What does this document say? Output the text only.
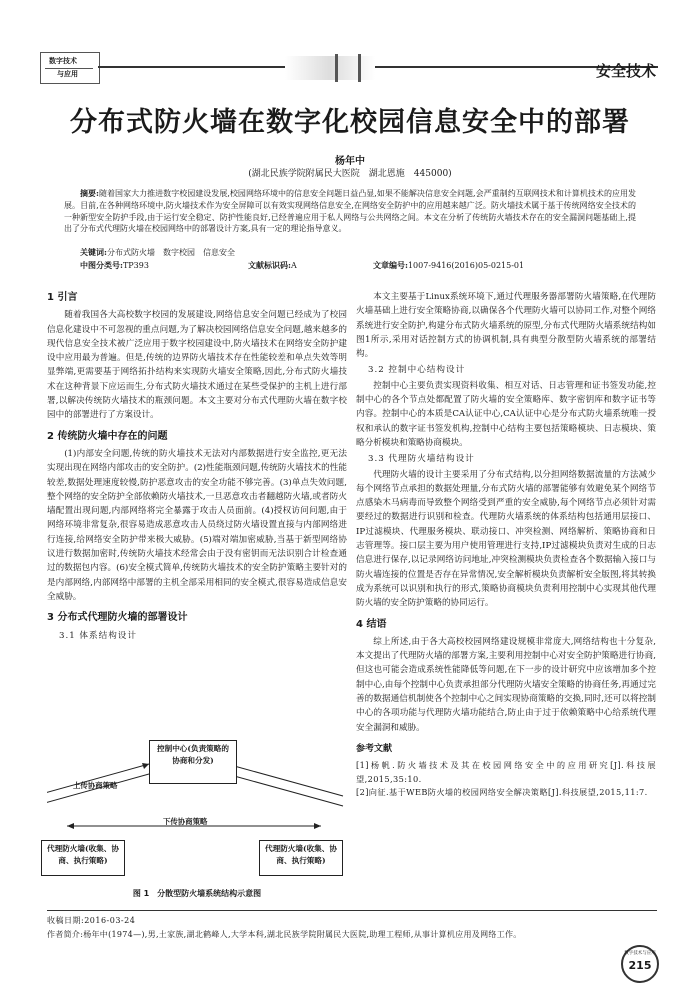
数字技术
与应用	安全技术
分布式防火墙在数字化校园信息安全中的部署
杨年中
(湖北民族学院附属民大医院　湖北恩施　445000)
摘要:随着国家大力推进数字校园建设发展,校园网络环境中的信息安全问题日益凸显,如果不能解决信息安全问题,会严重制约互联网技术和计算机技术的应用发展。目前,在各种网络环境中,防火墙技术作为安全屏障可以有效实现网络信息安全,在网络安全防护中的应用越来越广泛。防火墙技术属于基于传统网络安全技术的一种新型安全防护手段,由于运行安全稳定、防护性能良好,已经普遍应用于私人网络与公共网络之间。本文在分析了传统防火墙技术存在的安全漏洞问题基础上,提出了分布式代理防火墙在校园网络中的部署设计方案,具有一定的理论指导意义。
关键词:分布式防火墙　数字校园　信息安全
中图分类号:TP393	文献标识码:A	文章编号:1007-9416(2016)05-0215-01
1 引言

随着我国各大高校数字校园的发展建设,网络信息安全问题已经成为了校园信息化建设中不可忽视的重点问题,为了解决校园网络信息安全问题,越来越多的现代信息安全技术被广泛应用于数字校园建设中,防火墙技术在网络安全防护建设中应用最为普遍。但是,传统的边界防火墙技术存在性能较差和单点失效等明显弊端,更需要基于网络拓扑结构来实现防火墙安全策略,因此,分布式防火墙技术在这种背景下应运而生,分布式防火墙技术通过在某些受保护的主机上进行部署,以解决传统防火墙技术的瓶颈问题。本文主要对分布式代理防火墙在数字校园中的部署进行了方案设计。

2 传统防火墙中存在的问题

(1)内部安全问题,传统的防火墙技术无法对内部数据进行安全监控,更无法实现出现在网络内部攻击的安全防护。(2)性能瓶颈问题,传统防火墙技术的性能较差,数据处理速度较慢,防护恶意攻击的安全功能不够完善。(3)单点失效问题,整个网络的安全防护全部依赖防火墙技术,一旦恶意攻击者翻越防火墙,或者防火墙配置出现问题,内部网络将完全暴露于攻击人员面前。(4)授权访问问题,由于网络环境非常复杂,很容易造成恶意攻击人员绕过防火墙设置直接与内部网络进行连接,给网络安全防护带来极大威胁。(5)端对端加密威胁,当基于新型网络协议进行数据加密时,传统防火墙技术经常会由于没有密钥而无法识别合计检查通过的数据包内容。(6)安全模式简单,传统防火墙技术的安全防护策略主要针对的是内部网络,内部网络中部署的主机全部采用相同的安全模式,很容易造成信息安全威胁。

3 分布式代理防火墙的部署设计
3.1 体系结构设计
控制中心(负责策略的协商和分发)
上传协商策略
下传协商策略
代理防火墙(收集、协商、执行策略)
代理防火墙(收集、协商、执行策略)
图 1　分散型防火墙系统结构示意图

本文主要基于Linux系统环境下,通过代理服务器部署防火墙策略,在代理防火墙基础上进行安全策略协商,以确保各个代理防火墙可以协同工作,对整个网络系统进行安全防护,构建分布式防火墙系统的原型,分布式代理防火墙系统结构如图1所示,采用对话控制方式的协调机制,具有典型分散型防火墙系统的部署结构。

3.2 控制中心结构设计

控制中心主要负责实现资料收集、相互对话、日志管理和证书签发功能,控制中心的各个节点处都配置了防火墙的安全策略库、数字密钥库和数字证书等内容。控制中心的本质是CA认证中心,CA认证中心是分布式防火墙系统唯一授权和承认的数字证书签发机构,控制中心结构主要包括策略模块、日志模块、策略分析模块和策略协商模块。

3.3 代理防火墙结构设计

代理防火墙的设计主要采用了分布式结构,以分担网络数据流量的方法减少每个网络节点承担的数据处理量,分布式防火墙的部署能够有效避免某个网络节点感染木马病毒而导致整个网络受到严重的安全威胁,每个网络节点必须针对需要经过的数据进行识别和检查。代理防火墙系统的体系结构包括通用层接口、IP过滤模块、代理服务模块、联动接口、冲突检测、网络解析、策略协商和日志管理等。接口层主要为用户使用管理进行支持,IP过滤模块负责对生成的日志信息进行保存,以记录网络访问地址,冲突检测模块负责检查各个数据输入接口与防火墙连接的位置是否存在异常情况,安全解析模块负责解析安全版图,将其转换成为系统可以识别和执行的形式,策略协商模块负责利用控制中心实现其他代理防火墙的安全防护策略的协同运行。

4 结语

综上所述,由于各大高校校园网络建设规模非常庞大,网络结构也十分复杂,本文提出了代理防火墙的部署方案,主要利用控制中心对安全防护策略进行协商,但这也可能会造成系统性能降低等问题,在下一步的设计研究中应该增加多个控制中心,由每个控制中心负责承担部分代理防火墙安全策略的协商任务,再通过完善的数据通信机制使各个控制中心之间实现协商策略的交换,同时,还可以将控制中心的各项功能与代理防火墙功能结合,防止由于过于依赖策略中心给系统代理安全漏洞和威胁。

参考文献
[1]杨帆.防火墙技术及其在校园网络安全中的应用研究[J].科技展望,2015,35:10.
[2]向征.基于WEB防火墙的校园网络安全解决策略[J].科技展望,2015,11:7.
收稿日期:2016-03-24
作者简介:杨年中(1974—),男,土家族,湖北鹤峰人,大学本科,湖北民族学院附属民大医院,助理工程师,从事计算机应用及网络工作。
数字技术与应用
215
